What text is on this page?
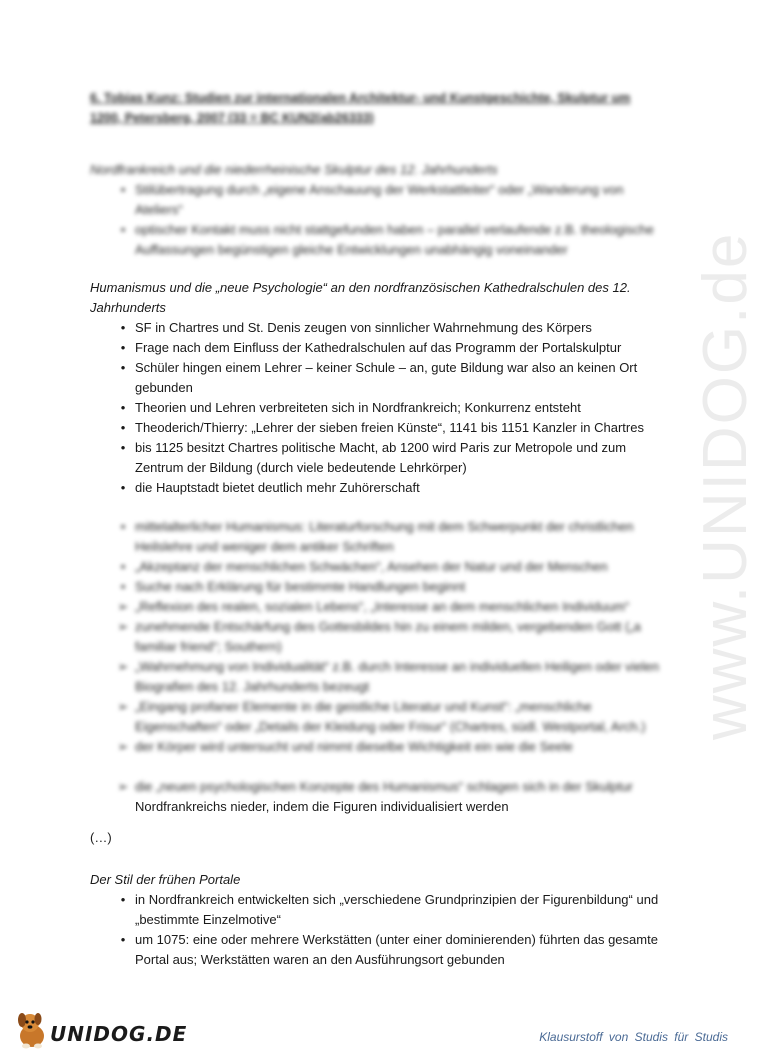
www.UNIDOG.de
6. Tobias Kunz: Studien zur internationalen Architektur- und Kunstgeschichte, Skulptur um 1200, Petersberg, 2007 (33 = BC KUN2(ab26333)
Nordfrankreich und die niederrheinische Skulptur des 12. Jahrhunderts
• Stilübertragung durch „eigene Anschauung der Werkstattleiter“ oder „Wanderung von Ateliers“
• optischer Kontakt muss nicht stattgefunden haben – parallel verlaufende z.B. theologische Auffassungen begünstigen gleiche Entwicklungen unabhängig voneinander
Humanismus und die „neue Psychologie“ an den nordfranzösischen Kathedralschulen des 12. Jahrhunderts
• SF in Chartres und St. Denis zeugen von sinnlicher Wahrnehmung des Körpers
• Frage nach dem Einfluss der Kathedralschulen auf das Programm der Portalskulptur
• Schüler hingen einem Lehrer – keiner Schule – an, gute Bildung war also an keinen Ort gebunden
• Theorien und Lehren verbreiteten sich in Nordfrankreich; Konkurrenz entsteht
• Theoderich/Thierry: „Lehrer der sieben freien Künste“, 1141 bis 1151 Kanzler in Chartres
• bis 1125 besitzt Chartres politische Macht, ab 1200 wird Paris zur Metropole und zum Zentrum der Bildung (durch viele bedeutende Lehrkörper)
• die Hauptstadt bietet deutlich mehr Zuhörerschaft
• mittelalterlicher Humanismus: Literaturforschung mit dem Schwerpunkt der christlichen Heilslehre und weniger dem antiker Schriften
• „Akzeptanz der menschlichen Schwächen“, Ansehen der Natur und der Menschen
• Suche nach Erklärung für bestimmte Handlungen beginnt
➢ „Reflexion des realen, sozialen Lebens“, „Interesse an dem menschlichen Individuum“
➢ zunehmende Entschärfung des Gottesbildes hin zu einem milden, vergebenden Gott („a familiar friend“; Southern)
➢ „Wahrnehmung von Individualität“ z.B. durch Interesse an individuellen Heiligen oder vielen Biografien des 12. Jahrhunderts bezeugt
➢ „Eingang profaner Elemente in die geistliche Literatur und Kunst“: „menschliche Eigenschaften“ oder „Details der Kleidung oder Frisur“ (Chartres, südl. Westportal, Arch.)
➢ der Körper wird untersucht und nimmt dieselbe Wichtigkeit ein wie die Seele
➢ die „neuen psychologischen Konzepte des Humanismus“ schlagen sich in der Skulptur
Nordfrankreichs nieder, indem die Figuren individualisiert werden
(…)
Der Stil der frühen Portale
• in Nordfrankreich entwickelten sich „verschiedene Grundprinzipien der Figurenbildung“ und „bestimmte Einzelmotive“
• um 1075: eine oder mehrere Werkstätten (unter einer dominierenden) führten das gesamte Portal aus; Werkstätten waren an den Ausführungsort gebunden
UNIDOG.DE	Klausurstoff von Studis für Studis
